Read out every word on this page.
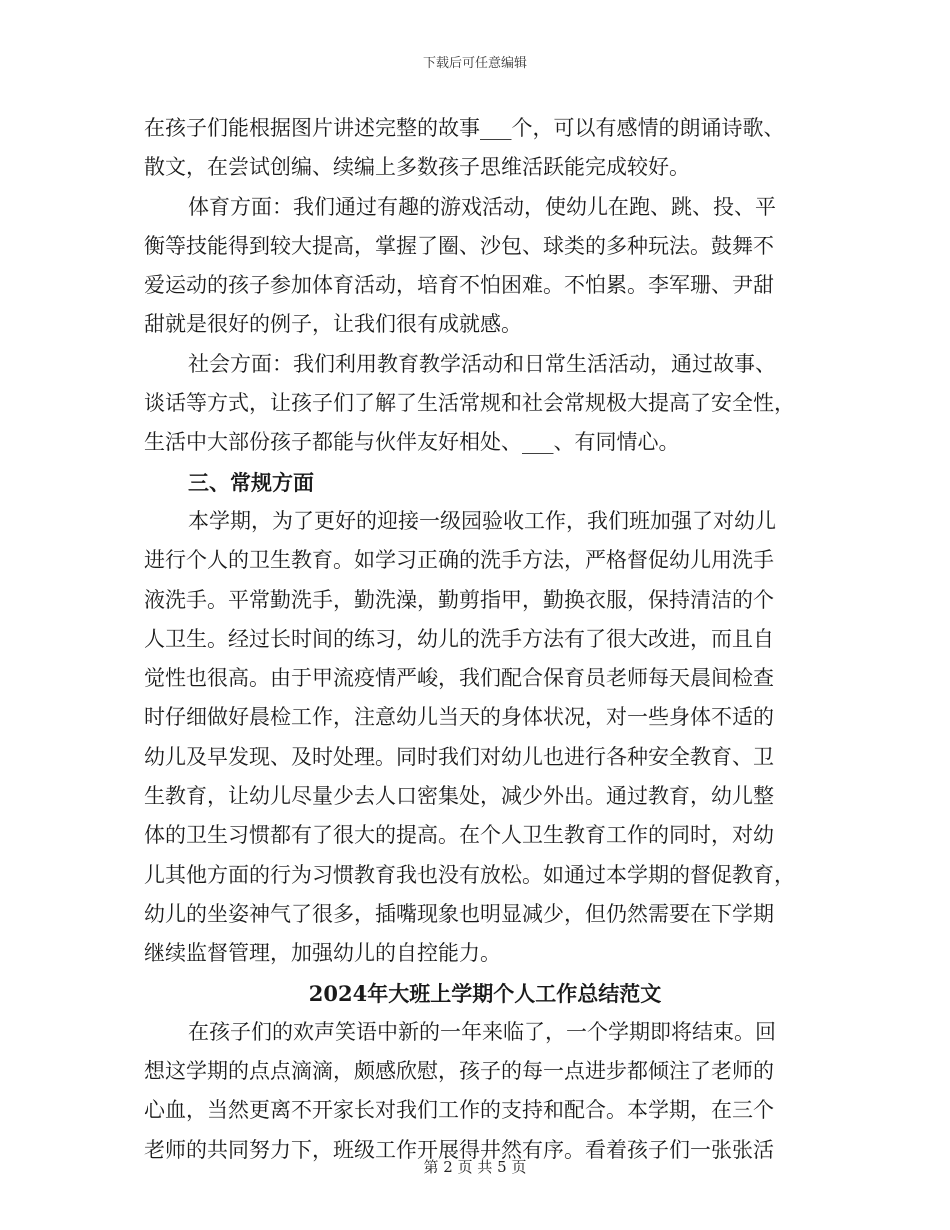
下载后可任意编辑
在孩子们能根据图片讲述完整的故事___个，可以有感情的朗诵诗歌、
散文，在尝试创编、续编上多数孩子思维活跃能完成较好。
体育方面：我们通过有趣的游戏活动，使幼儿在跑、跳、投、平
衡等技能得到较大提高，掌握了圈、沙包、球类的多种玩法。鼓舞不
爱运动的孩子参加体育活动，培育不怕困难。不怕累。李军珊、尹甜
甜就是很好的例子，让我们很有成就感。
社会方面：我们利用教育教学活动和日常生活活动，通过故事、
谈话等方式，让孩子们了解了生活常规和社会常规极大提高了安全性，
生活中大部份孩子都能与伙伴友好相处、___、有同情心。
三、常规方面
本学期，为了更好的迎接一级园验收工作，我们班加强了对幼儿
进行个人的卫生教育。如学习正确的洗手方法，严格督促幼儿用洗手
液洗手。平常勤洗手，勤洗澡，勤剪指甲，勤换衣服，保持清洁的个
人卫生。经过长时间的练习，幼儿的洗手方法有了很大改进，而且自
觉性也很高。由于甲流疫情严峻，我们配合保育员老师每天晨间检查
时仔细做好晨检工作，注意幼儿当天的身体状况，对一些身体不适的
幼儿及早发现、及时处理。同时我们对幼儿也进行各种安全教育、卫
生教育，让幼儿尽量少去人口密集处，减少外出。通过教育，幼儿整
体的卫生习惯都有了很大的提高。在个人卫生教育工作的同时，对幼
儿其他方面的行为习惯教育我也没有放松。如通过本学期的督促教育，
幼儿的坐姿神气了很多，插嘴现象也明显减少，但仍然需要在下学期
继续监督管理，加强幼儿的自控能力。
2024年大班上学期个人工作总结范文
在孩子们的欢声笑语中新的一年来临了，一个学期即将结束。回
想这学期的点点滴滴，颇感欣慰，孩子的每一点进步都倾注了老师的
心血，当然更离不开家长对我们工作的支持和配合。本学期，在三个
老师的共同努力下，班级工作开展得井然有序。看着孩子们一张张活
第 2 页 共 5 页
